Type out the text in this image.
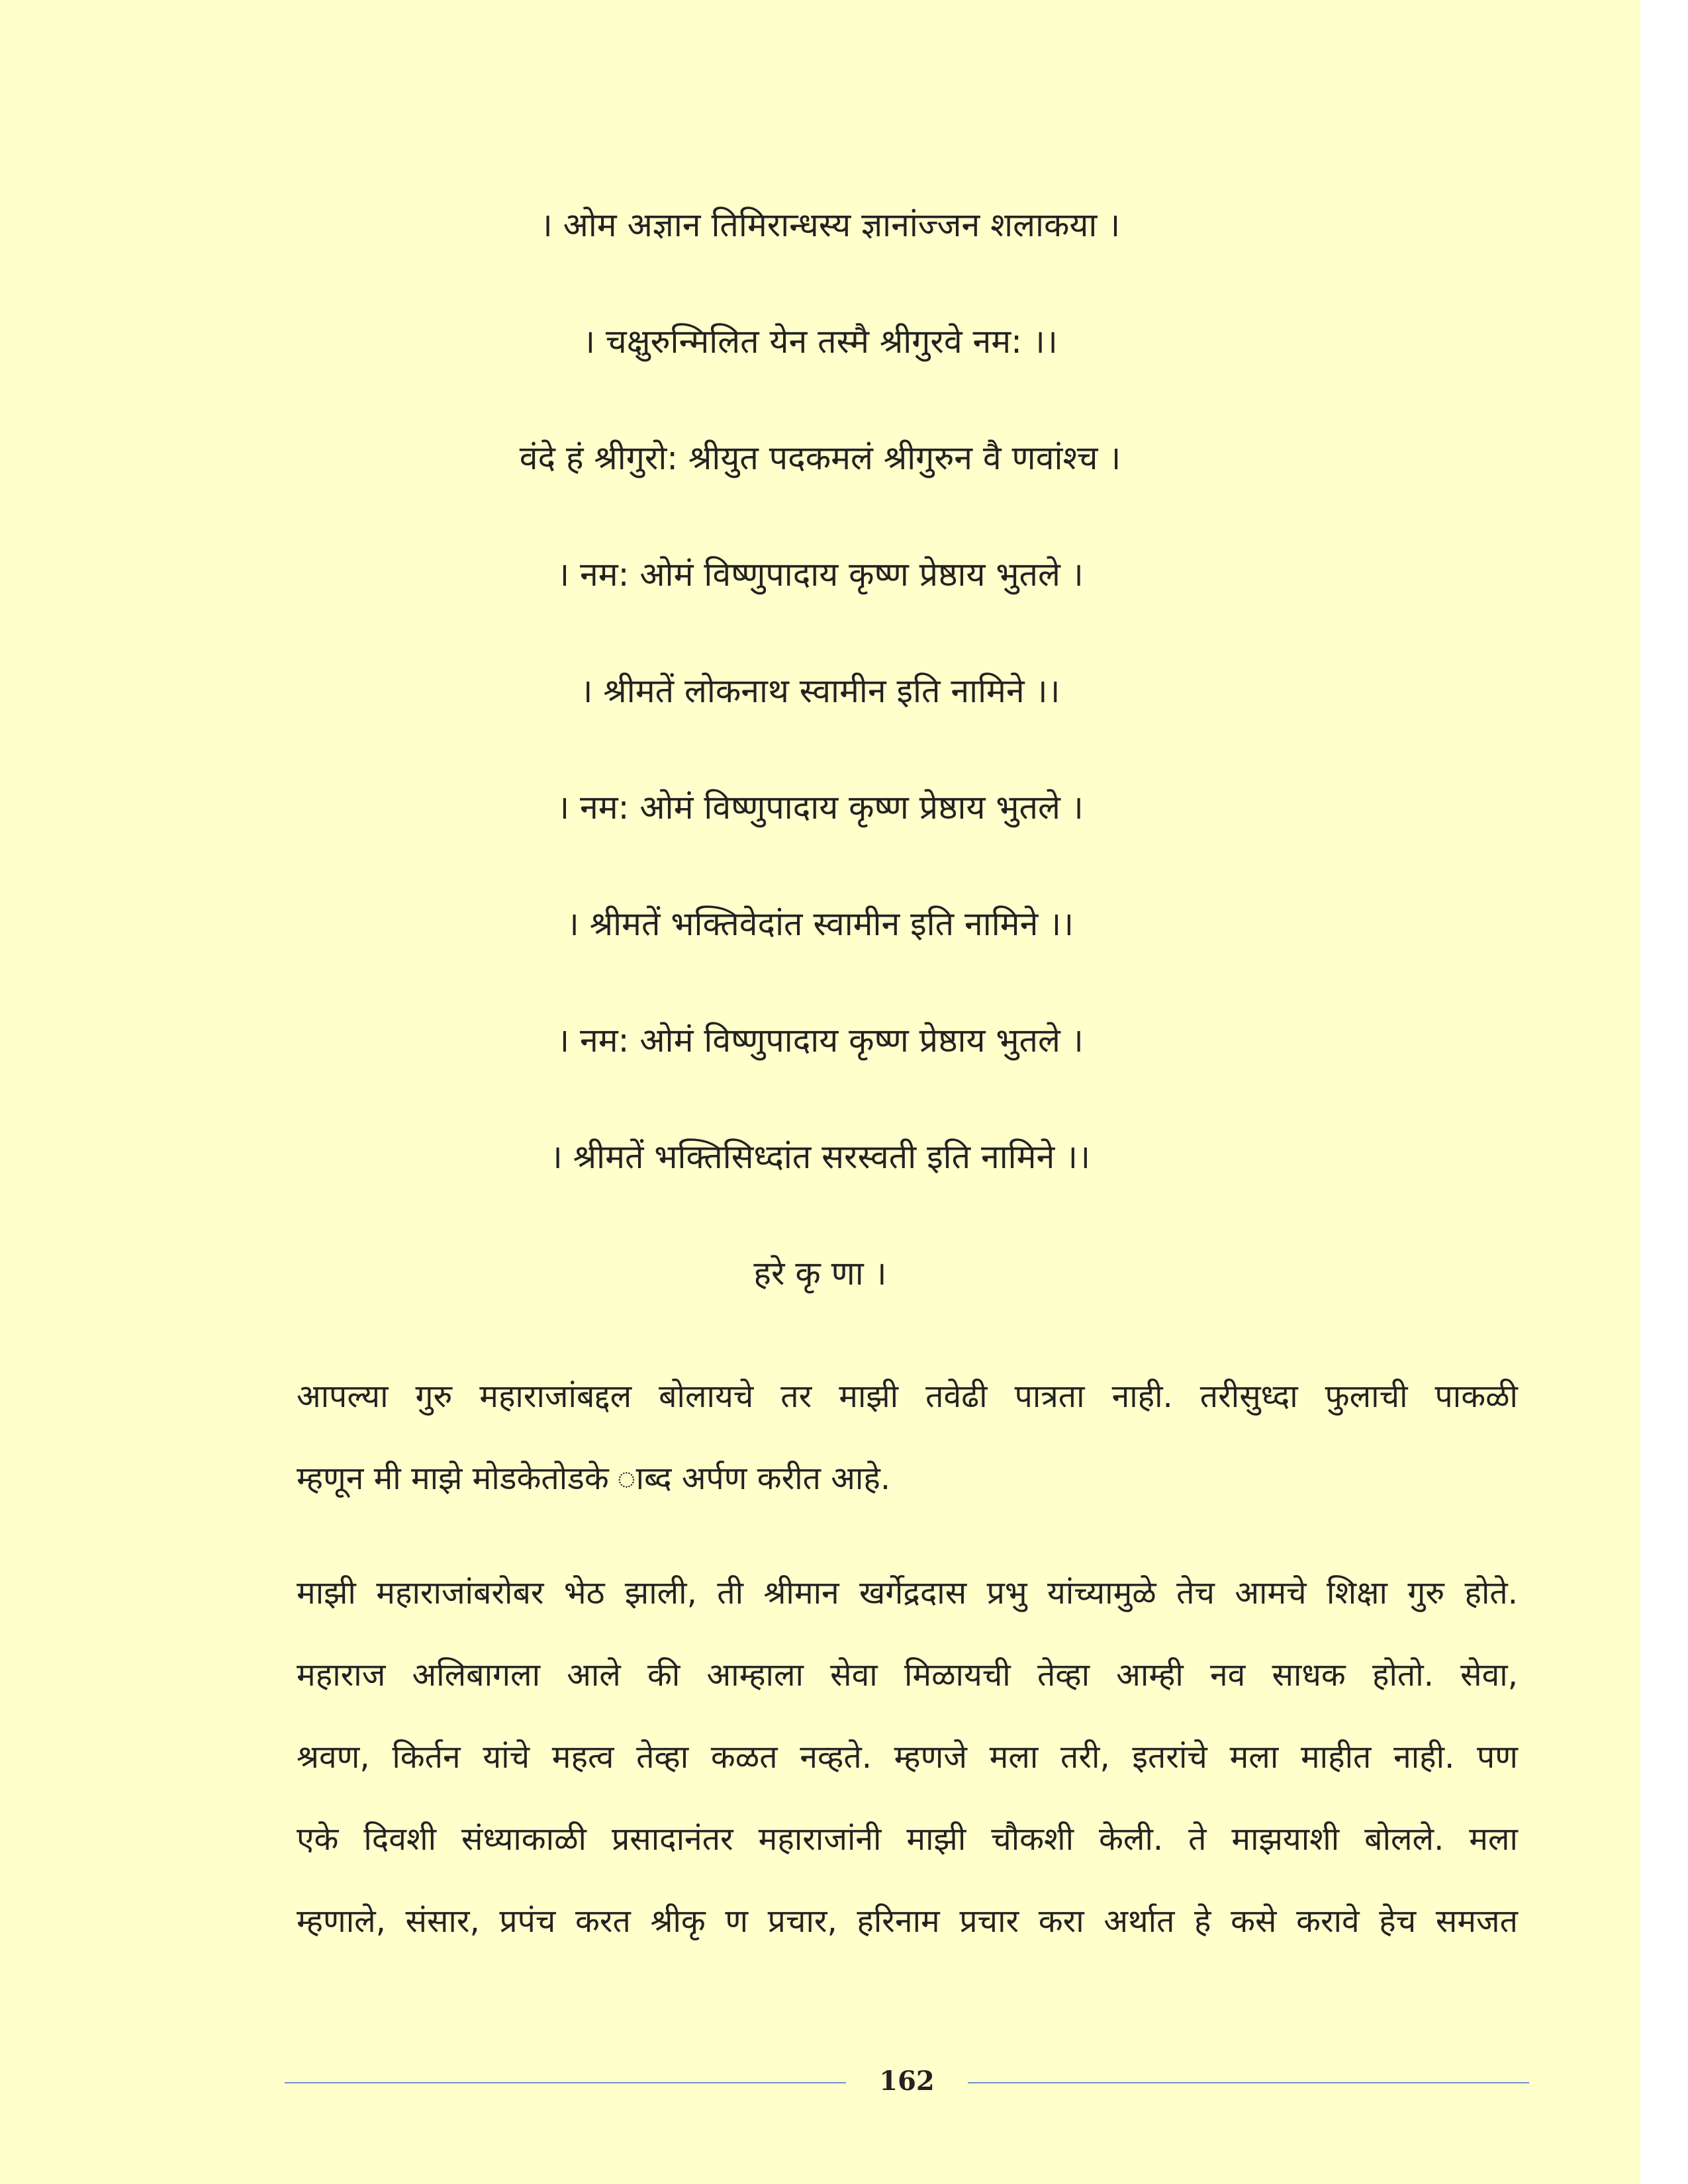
। ओम अज्ञान तिमिरान्धस्य ज्ञानांज्जन शलाकया ।
। चक्षुरुन्मिलित येन तस्मै श्रीगुरवे नम: ।।
वंदे हं श्रीगुरो: श्रीयुत पदकमलं श्रीगुरुन वै णवांश्च ।
। नम: ओमं विष्णुपादाय कृष्ण प्रेष्ठाय भुतले ।
। श्रीमतें लोकनाथ स्वामीन इति नामिने ।।
। नम: ओमं विष्णुपादाय कृष्ण प्रेष्ठाय भुतले ।
। श्रीमतें भक्तिवेदांत स्वामीन इति नामिने ।।
। नम: ओमं विष्णुपादाय कृष्ण प्रेष्ठाय भुतले ।
। श्रीमतें भक्तिसिध्दांत सरस्वती इति नामिने ।।
हरे कृ णा ।
आपल्या गुरु महाराजांबद्दल बोलायचे तर माझी तवेढी पात्रता नाही. तरीसुध्दा फुलाची पाकळी
म्हणून मी माझे मोडकेतोडके ाब्द अर्पण करीत आहे.
माझी महाराजांबरोबर भेठ झाली, ती श्रीमान खर्गेद्रदास प्रभु यांच्यामुळे तेच आमचे शिक्षा गुरु होते.
महाराज अलिबागला आले की आम्हाला सेवा मिळायची तेव्हा आम्ही नव साधक होतो. सेवा,
श्रवण, किर्तन यांचे महत्व तेव्हा कळत नव्हते. म्हणजे मला तरी, इतरांचे मला माहीत नाही. पण
एके दिवशी संध्याकाळी प्रसादानंतर महाराजांनी माझी चौकशी केली. ते माझयाशी बोलले. मला
म्हणाले, संसार, प्रपंच करत श्रीकृ ण प्रचार, हरिनाम प्रचार करा अर्थात हे कसे करावे हेच समजत
162
